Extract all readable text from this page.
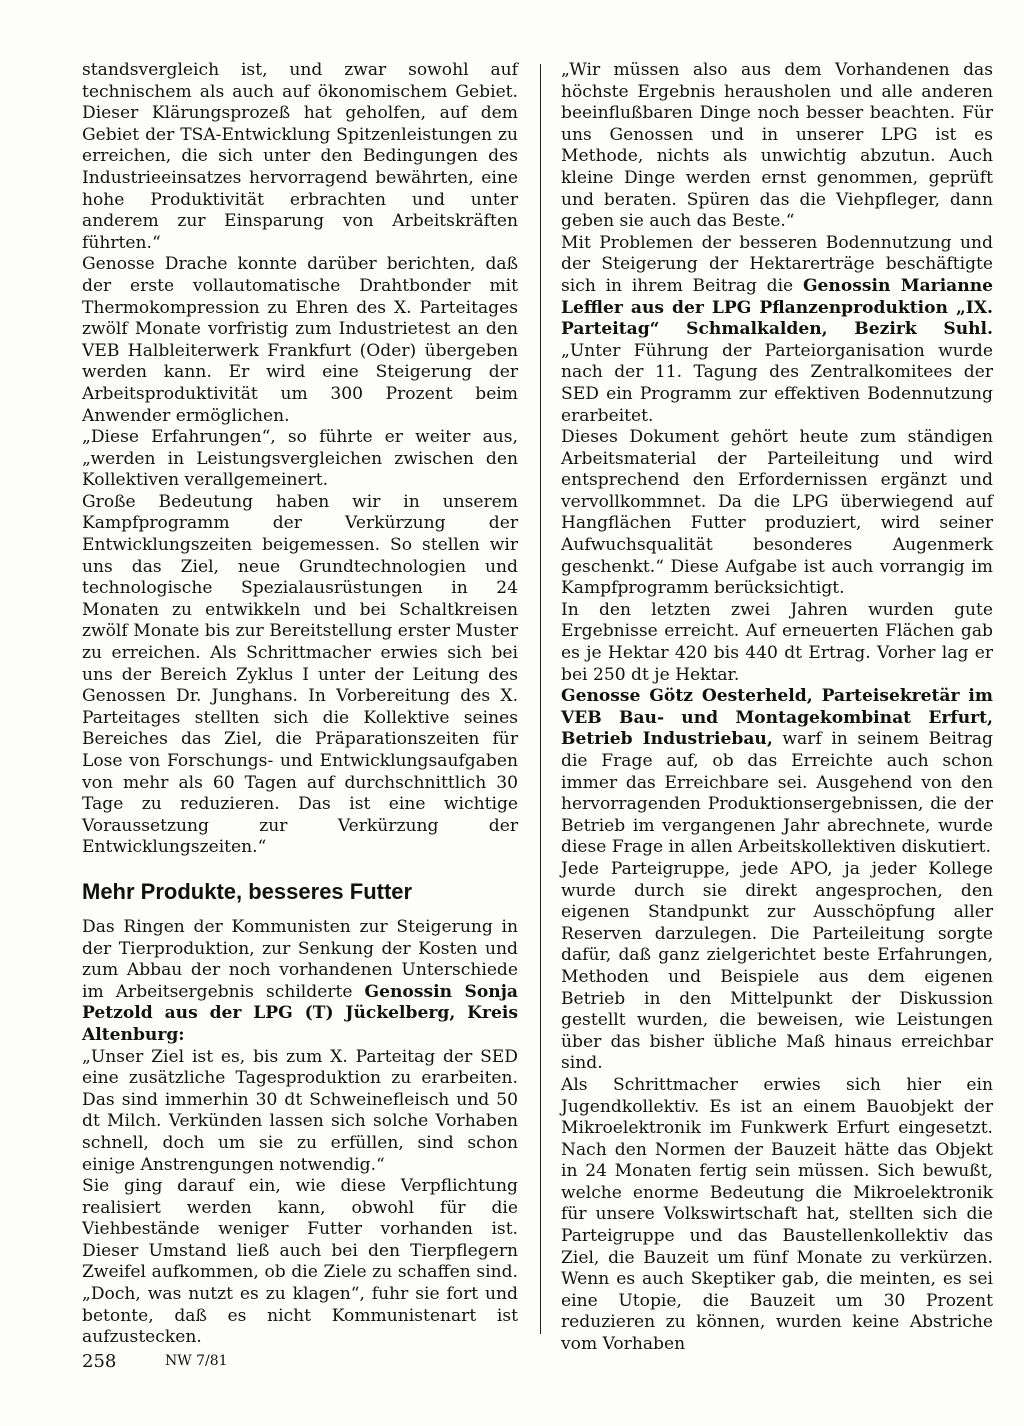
standsvergleich ist, und zwar sowohl auf technischem als auch auf ökonomischem Gebiet. Dieser Klärungsprozeß hat geholfen, auf dem Gebiet der TSA-Entwicklung Spitzenleistungen zu erreichen, die sich unter den Bedingungen des Industrieeinsatzes hervorragend bewährten, eine hohe Produktivität erbrachten und unter anderem zur Einsparung von Arbeitskräften führten.“

Genosse Drache konnte darüber berichten, daß der erste vollautomatische Drahtbonder mit Thermokompression zu Ehren des X. Parteitages zwölf Monate vorfristig zum Industrietest an den VEB Halbleiterwerk Frankfurt (Oder) übergeben werden kann. Er wird eine Steigerung der Arbeitsproduktivität um 300 Prozent beim Anwender ermöglichen.

„Diese Erfahrungen“, so führte er weiter aus, „werden in Leistungsvergleichen zwischen den Kollektiven verallgemeinert.

Große Bedeutung haben wir in unserem Kampfprogramm der Verkürzung der Entwicklungszeiten beigemessen. So stellen wir uns das Ziel, neue Grundtechnologien und technologische Spezialausrüstungen in 24 Monaten zu entwikkeln und bei Schaltkreisen zwölf Monate bis zur Bereitstellung erster Muster zu erreichen. Als Schrittmacher erwies sich bei uns der Bereich Zyklus I unter der Leitung des Genossen Dr. Junghans. In Vorbereitung des X. Parteitages stellten sich die Kollektive seines Bereiches das Ziel, die Präparationszeiten für Lose von Forschungs- und Entwicklungsaufgaben von mehr als 60 Tagen auf durchschnittlich 30 Tage zu reduzieren. Das ist eine wichtige Voraussetzung zur Verkürzung der Entwicklungszeiten.“

Mehr Produkte, besseres Futter

Das Ringen der Kommunisten zur Steigerung in der Tierproduktion, zur Senkung der Kosten und zum Abbau der noch vorhandenen Unterschiede im Arbeitsergebnis schilderte Genossin Sonja Petzold aus der LPG (T) Jückelberg, Kreis Altenburg:

„Unser Ziel ist es, bis zum X. Parteitag der SED eine zusätzliche Tagesproduktion zu erarbeiten. Das sind immerhin 30 dt Schweinefleisch und 50 dt Milch. Verkünden lassen sich solche Vorhaben schnell, doch um sie zu erfüllen, sind schon einige Anstrengungen notwendig.“

Sie ging darauf ein, wie diese Verpflichtung realisiert werden kann, obwohl für die Viehbestände weniger Futter vorhanden ist. Dieser Umstand ließ auch bei den Tierpflegern Zweifel aufkommen, ob die Ziele zu schaffen sind. „Doch, was nutzt es zu klagen“, fuhr sie fort und betonte, daß es nicht Kommunistenart ist aufzustecken.

„Wir müssen also aus dem Vorhandenen das höchste Ergebnis herausholen und alle anderen beeinflußbaren Dinge noch besser beachten. Für uns Genossen und in unserer LPG ist es Methode, nichts als unwichtig abzutun. Auch kleine Dinge werden ernst genommen, geprüft und beraten. Spüren das die Viehpfleger, dann geben sie auch das Beste.“

Mit Problemen der besseren Bodennutzung und der Steigerung der Hektarerträge beschäftigte sich in ihrem Beitrag die Genossin Marianne Leffler aus der LPG Pflanzenproduktion „IX. Parteitag“ Schmalkalden, Bezirk Suhl. „Unter Führung der Parteiorganisation wurde nach der 11. Tagung des Zentralkomitees der SED ein Programm zur effektiven Bodennutzung erarbeitet.

Dieses Dokument gehört heute zum ständigen Arbeitsmaterial der Parteileitung und wird entsprechend den Erfordernissen ergänzt und vervollkommnet. Da die LPG überwiegend auf Hangflächen Futter produziert, wird seiner Aufwuchsqualität besonderes Augenmerk geschenkt.“ Diese Aufgabe ist auch vorrangig im Kampfprogramm berücksichtigt.

In den letzten zwei Jahren wurden gute Ergebnisse erreicht. Auf erneuerten Flächen gab es je Hektar 420 bis 440 dt Ertrag. Vorher lag er bei 250 dt je Hektar.

Genosse Götz Oesterheld, Parteisekretär im VEB Bau- und Montagekombinat Erfurt, Betrieb Industriebau, warf in seinem Beitrag die Frage auf, ob das Erreichte auch schon immer das Erreichbare sei. Ausgehend von den hervorragenden Produktionsergebnissen, die der Betrieb im vergangenen Jahr abrechnete, wurde diese Frage in allen Arbeitskollektiven diskutiert.

Jede Parteigruppe, jede APO, ja jeder Kollege wurde durch sie direkt angesprochen, den eigenen Standpunkt zur Ausschöpfung aller Reserven darzulegen. Die Parteileitung sorgte dafür, daß ganz zielgerichtet beste Erfahrungen, Methoden und Beispiele aus dem eigenen Betrieb in den Mittelpunkt der Diskussion gestellt wurden, die beweisen, wie Leistungen über das bisher übliche Maß hinaus erreichbar sind.

Als Schrittmacher erwies sich hier ein Jugendkollektiv. Es ist an einem Bauobjekt der Mikroelektronik im Funkwerk Erfurt eingesetzt. Nach den Normen der Bauzeit hätte das Objekt in 24 Monaten fertig sein müssen. Sich bewußt, welche enorme Bedeutung die Mikroelektronik für unsere Volkswirtschaft hat, stellten sich die Parteigruppe und das Baustellenkollektiv das Ziel, die Bauzeit um fünf Monate zu verkürzen. Wenn es auch Skeptiker gab, die meinten, es sei eine Utopie, die Bauzeit um 30 Prozent reduzieren zu können, wurden keine Abstriche vom Vorhaben

258	NW 7/81
